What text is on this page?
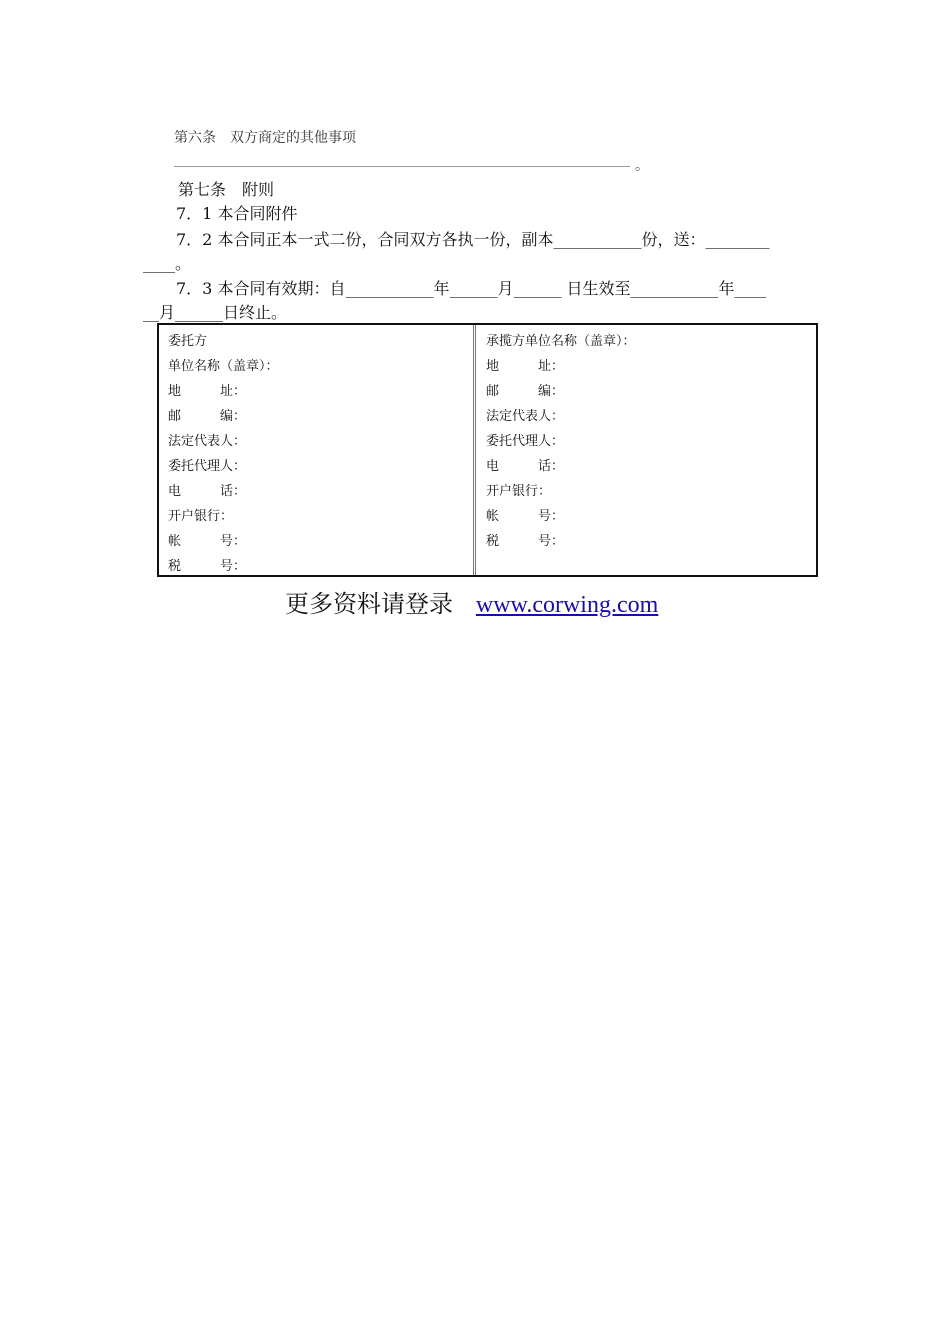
第六条　双方商定的其他事项
。
第七条　附则
7．1 本合同附件
7．2 本合同正本一式二份，合同双方各执一份，副本___________份，送：________
____。
7．3 本合同有效期：自___________年______月______ 日生效至___________年____
__月______日终止。
委托方
单位名称（盖章）：
地　　　址：
邮　　　编：
法定代表人：
委托代理人：
电　　　话：
开户银行：
帐　　　号：
税　　　号：
承揽方单位名称（盖章）：
地　　　址：
邮　　　编：
法定代表人：
委托代理人：
电　　　话：
开户银行：
帐　　　号：
税　　　号：
更多资料请登录 www.corwing.com
